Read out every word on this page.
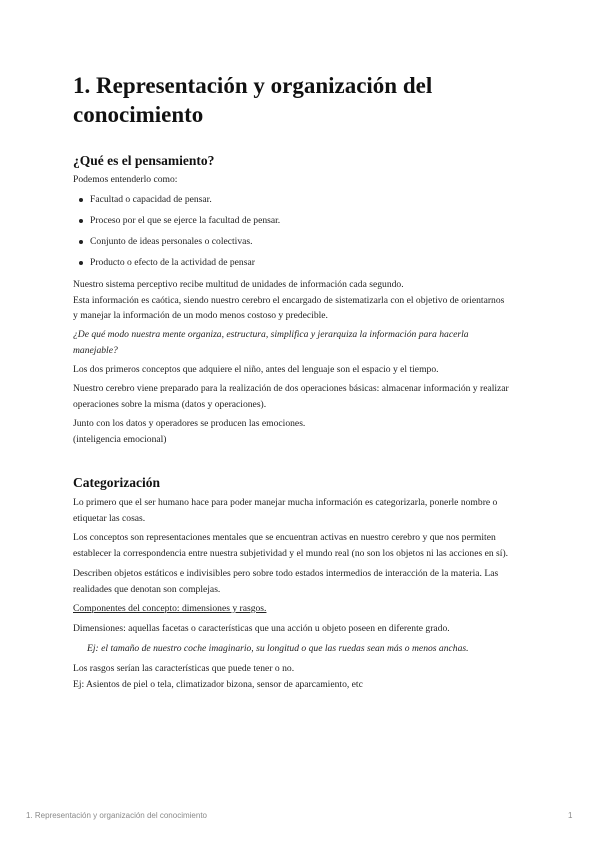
1. Representación y organización del
conocimiento
¿Qué es el pensamiento?

Podemos entenderlo como:

Facultad o capacidad de pensar.
Proceso por el que se ejerce la facultad de pensar.
Conjunto de ideas personales o colectivas.
Producto o efecto de la actividad de pensar

Nuestro sistema perceptivo recibe multitud de unidades de información cada segundo.
Esta información es caótica, siendo nuestro cerebro el encargado de sistematizarla con el objetivo de orientarnos
y manejar la información de un modo menos costoso y predecible.

¿De qué modo nuestra mente organiza, estructura, simplifica y jerarquiza la información para hacerla
manejable?

Los dos primeros conceptos que adquiere el niño, antes del lenguaje son el espacio y el tiempo.

Nuestro cerebro viene preparado para la realización de dos operaciones básicas: almacenar información y realizar
operaciones sobre la misma (datos y operaciones).

Junto con los datos y operadores se producen las emociones.
(inteligencia emocional)

Categorización

Lo primero que el ser humano hace para poder manejar mucha información es categorizarla, ponerle nombre o
etiquetar las cosas.

Los conceptos son representaciones mentales que se encuentran activas en nuestro cerebro y que nos permiten
establecer la correspondencia entre nuestra subjetividad y el mundo real (no son los objetos ni las acciones en sí).

Describen objetos estáticos e indivisibles pero sobre todo estados intermedios de interacción de la materia. Las
realidades que denotan son complejas.

Componentes del concepto: dimensiones y rasgos.

Dimensiones: aquellas facetas o características que una acción u objeto poseen en diferente grado.

Ej: el tamaño de nuestro coche imaginario, su longitud o que las ruedas sean más o menos anchas.

Los rasgos serían las características que puede tener o no.
Ej: Asientos de piel o tela, climatizador bizona, sensor de aparcamiento, etc

1. Representación y organización del conocimiento	1
